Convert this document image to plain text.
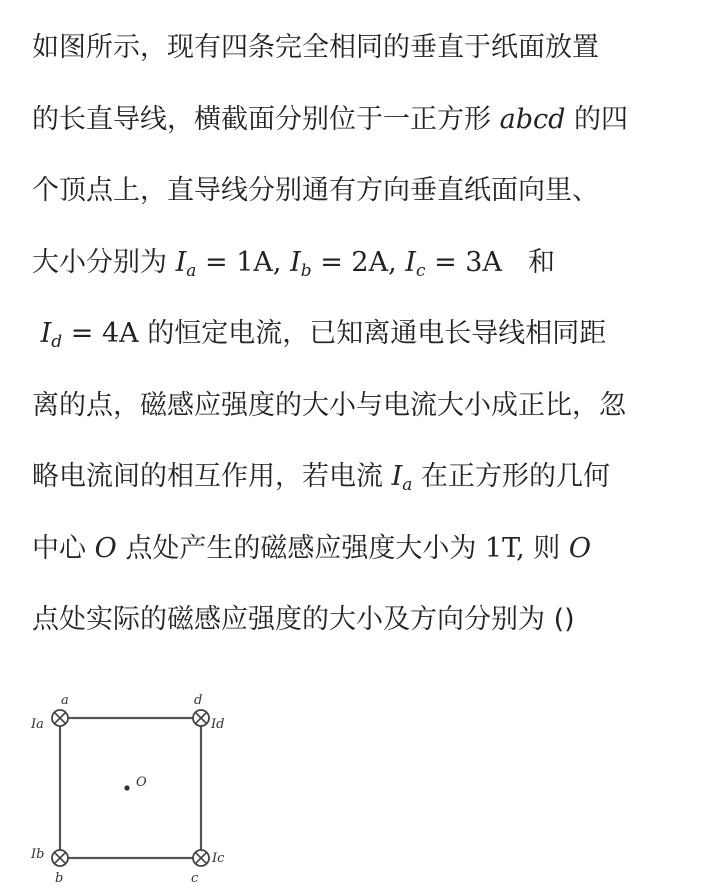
如图所示，现有四条完全相同的垂直于纸面放置
的长直导线，横截面分别位于一正方形 abcd 的四
个顶点上，直导线分别通有方向垂直纸面向里、
大小分别为 $I_a = 1A$, $I_b = 2A$, $I_c = 3A$ 和
$I_d = 4A$ 的恒定电流，已知离通电长导线相同距
离的点，磁感应强度的大小与电流大小成正比，忽
略电流间的相互作用，若电流 $I_a$ 在正方形的几何
中心 O 点处产生的磁感应强度大小为 1T, 则 O
点处实际的磁感应强度的大小及方向分别为 ()
O
a	d
b	c
Ia	Id
Ib	Ic
